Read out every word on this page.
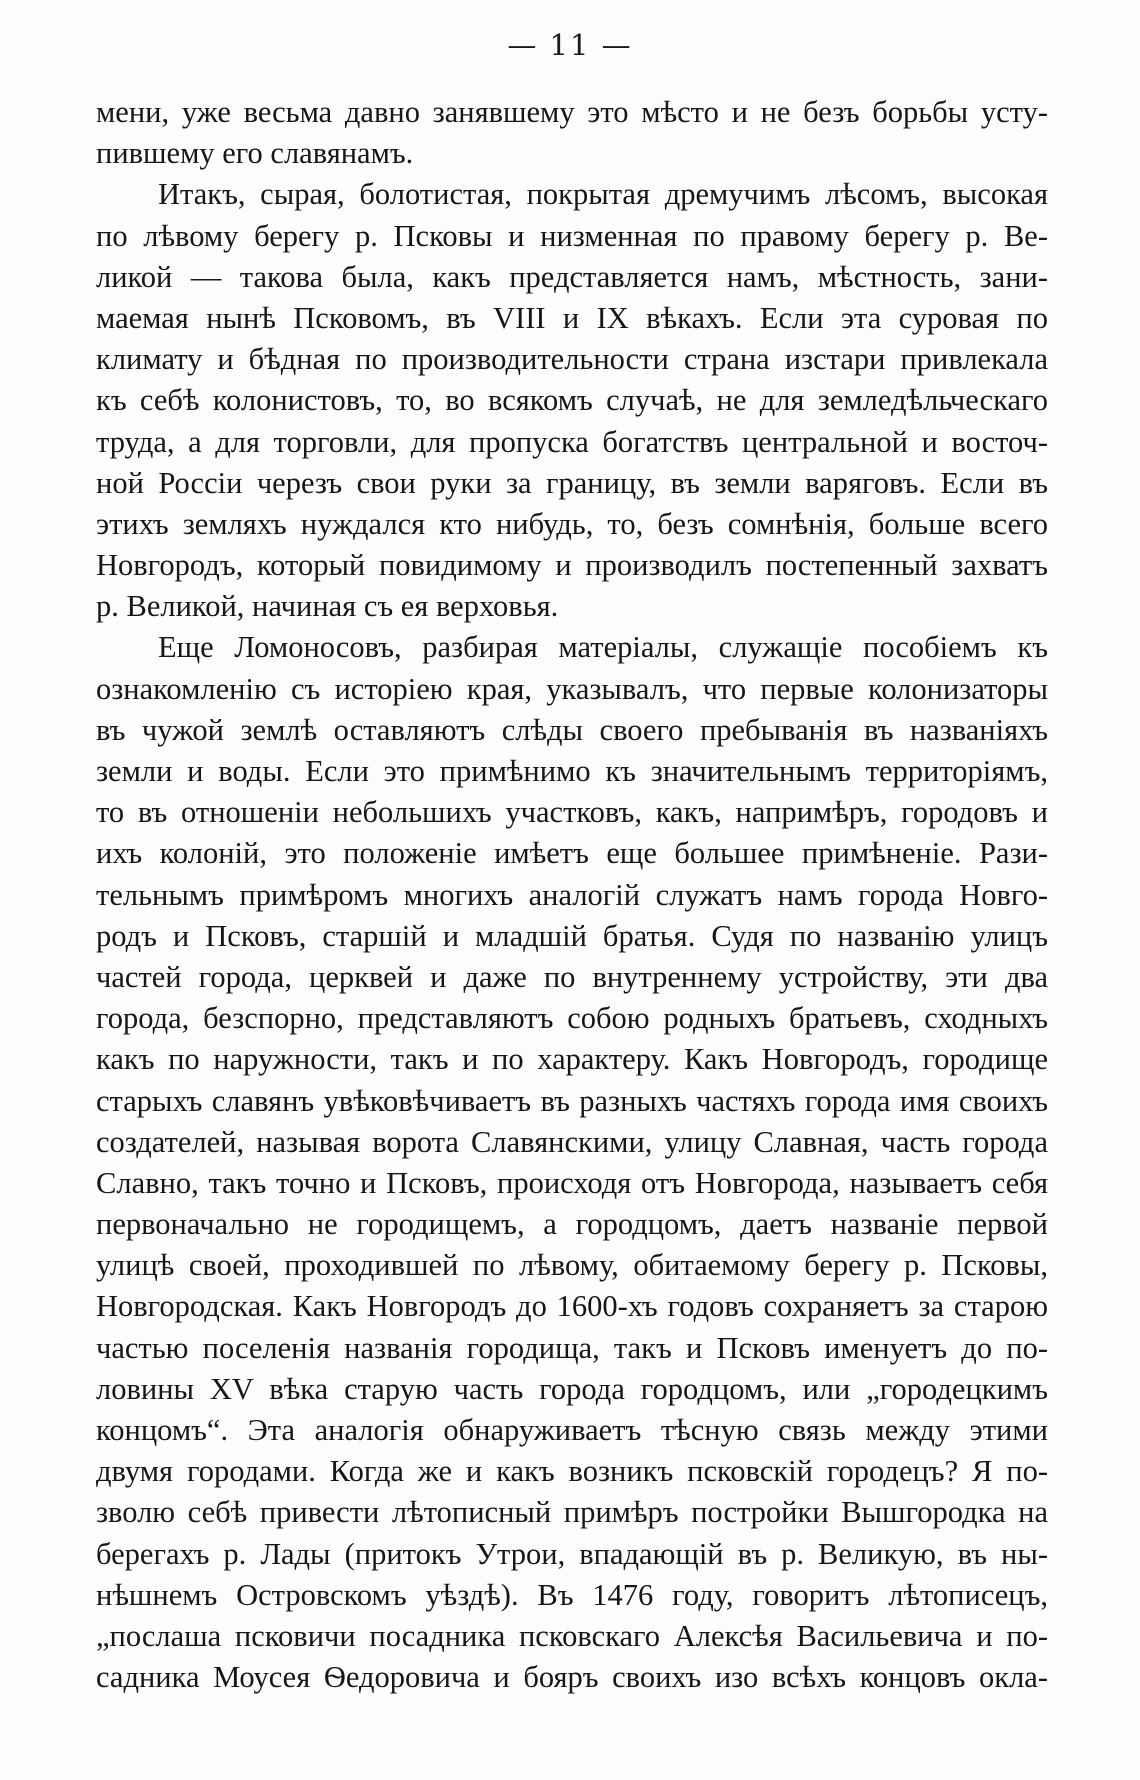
— 11 —
мени, уже весьма давно занявшему это мѣсто и не безъ борьбы усту-
пившему его славянамъ.
Итакъ, сырая, болотистая, покрытая дремучимъ лѣсомъ, высокая
по лѣвому берегу р. Псковы и низменная по правому берегу р. Ве-
ликой — такова была, какъ представляется намъ, мѣстность, зани-
маемая нынѣ Псковомъ, въ VIII и IX вѣкахъ. Если эта суровая по
климату и бѣдная по производительности страна изстари привлекала
къ себѣ колонистовъ, то, во всякомъ случаѣ, не для земледѣльческаго
труда, а для торговли, для пропуска богатствъ центральной и восточ-
ной Россіи черезъ свои руки за границу, въ земли варяговъ. Если въ
этихъ земляхъ нуждался кто нибудь, то, безъ сомнѣнія, больше всего
Новгородъ, который повидимому и производилъ постепенный захватъ
р. Великой, начиная съ ея верховья.
Еще Ломоносовъ, разбирая матеріалы, служащіе пособіемъ къ
ознакомленію съ исторіею края, указывалъ, что первые колонизаторы
въ чужой землѣ оставляютъ слѣды своего пребыванія въ названіяхъ
земли и воды. Если это примѣнимо къ значительнымъ территоріямъ,
то въ отношеніи небольшихъ участковъ, какъ, напримѣръ, городовъ и
ихъ колоній, это положеніе имѣетъ еще большее примѣненіе. Рази-
тельнымъ примѣромъ многихъ аналогій служатъ намъ города Новго-
родъ и Псковъ, старшій и младшій братья. Судя по названію улицъ
частей города, церквей и даже по внутреннему устройству, эти два
города, безспорно, представляютъ собою родныхъ братьевъ, сходныхъ
какъ по наружности, такъ и по характеру. Какъ Новгородъ, городище
старыхъ славянъ увѣковѣчиваетъ въ разныхъ частяхъ города имя своихъ
создателей, называя ворота Славянскими, улицу Славная, часть города
Славно, такъ точно и Псковъ, происходя отъ Новгорода, называетъ себя
первоначально не городищемъ, а городцомъ, даетъ названіе первой
улицѣ своей, проходившей по лѣвому, обитаемому берегу р. Псковы,
Новгородская. Какъ Новгородъ до 1600-хъ годовъ сохраняетъ за старою
частью поселенія названія городища, такъ и Псковъ именуетъ до по-
ловины XV вѣка старую часть города городцомъ, или „городецкимъ
концомъ“. Эта аналогія обнаруживаетъ тѣсную связь между этими
двумя городами. Когда же и какъ возникъ псковскій городецъ? Я по-
зволю себѣ привести лѣтописный примѣръ постройки Вышгородка на
берегахъ р. Лады (притокъ Утрои, впадающій въ р. Великую, въ ны-
нѣшнемъ Островскомъ уѣздѣ). Въ 1476 году, говоритъ лѣтописецъ,
„послаша псковичи посадника псковскаго Алексѣя Васильевича и по-
садника Моусея Ѳедоровича и бояръ своихъ изо всѣхъ концовъ окла-
